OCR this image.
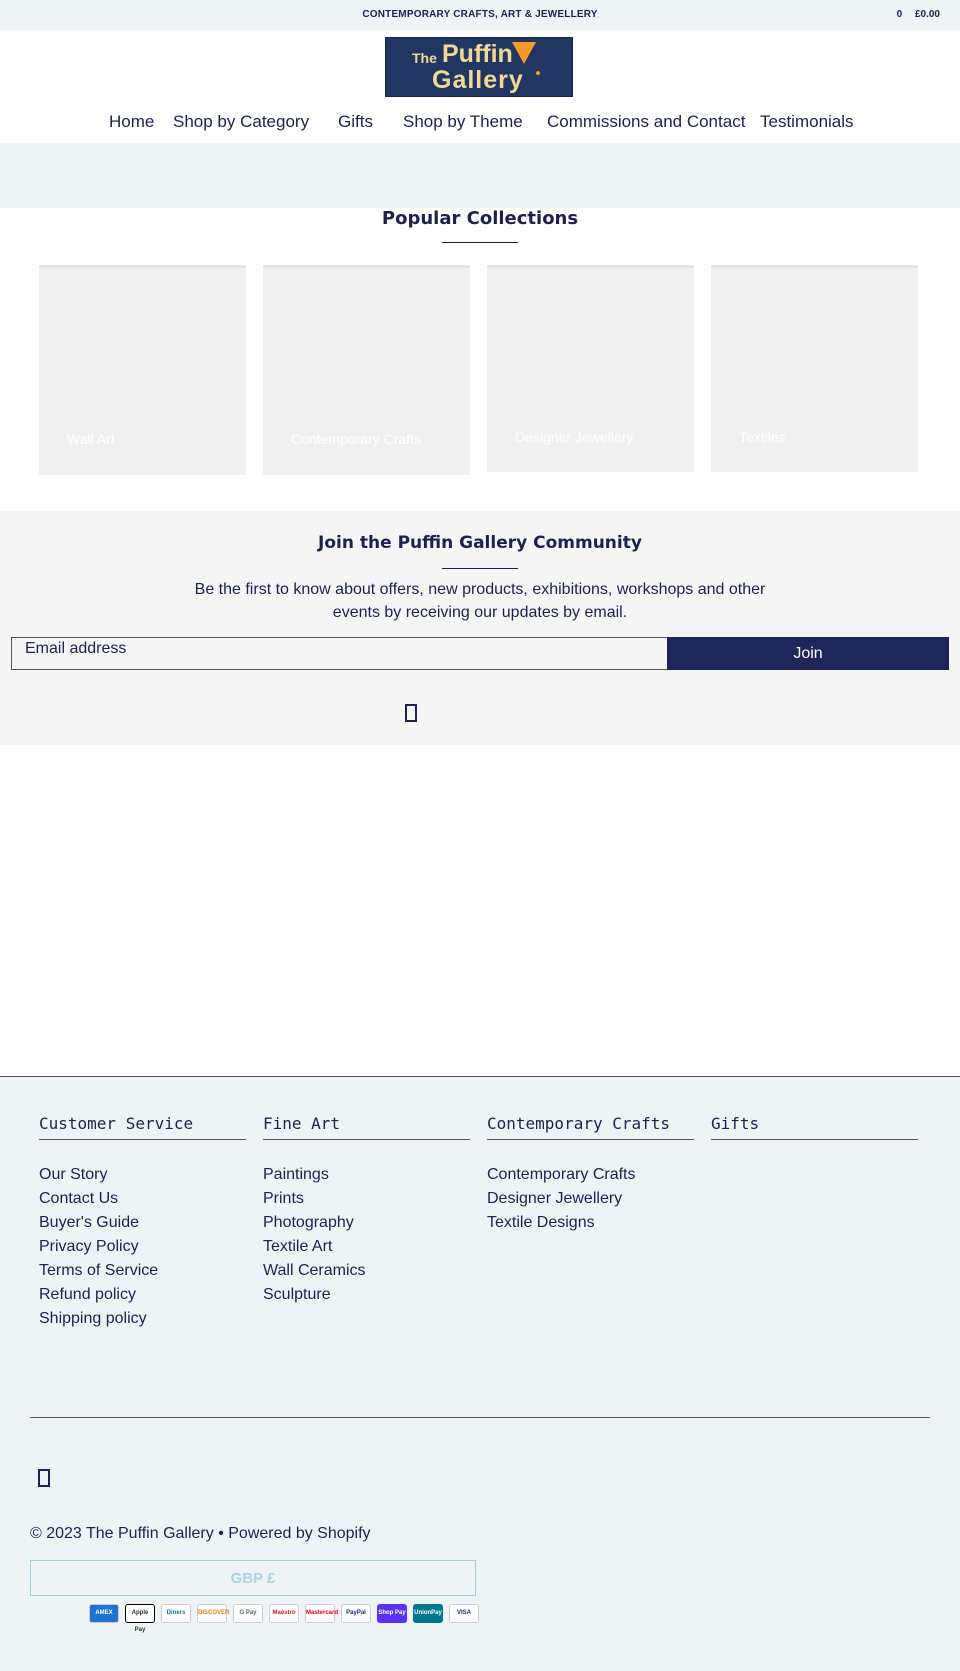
CONTEMPORARY CRAFTS, ART & JEWELLERY	0 £0.00
The Puffin
Gallery
Home Shop by Category Gifts Shop by Theme Commissions and Contact Testimonials
Popular Collections
Wall Art	Contemporary Crafts	Designer Jewellery	Textiles
Join the Puffin Gallery Community
Be the first to know about offers, new products, exhibitions, workshops and other events by receiving our updates by email.
Email address
Join
Customer Service
Our Story
Contact Us
Buyer's Guide
Privacy Policy
Terms of Service
Refund policy
Shipping policy
Fine Art
Paintings
Prints
Photography
Textile Art
Wall Ceramics
Sculpture
Contemporary Crafts
Contemporary Crafts
Designer Jewellery
Textile Designs
Gifts
© 2023 The Puffin Gallery • Powered by Shopify
GBP £
AMEX	Apple Pay
Diners	DISCOVER	G Pay	Maestro	Mastercard	PayPal	Shop Pay UnionPay	VISA
